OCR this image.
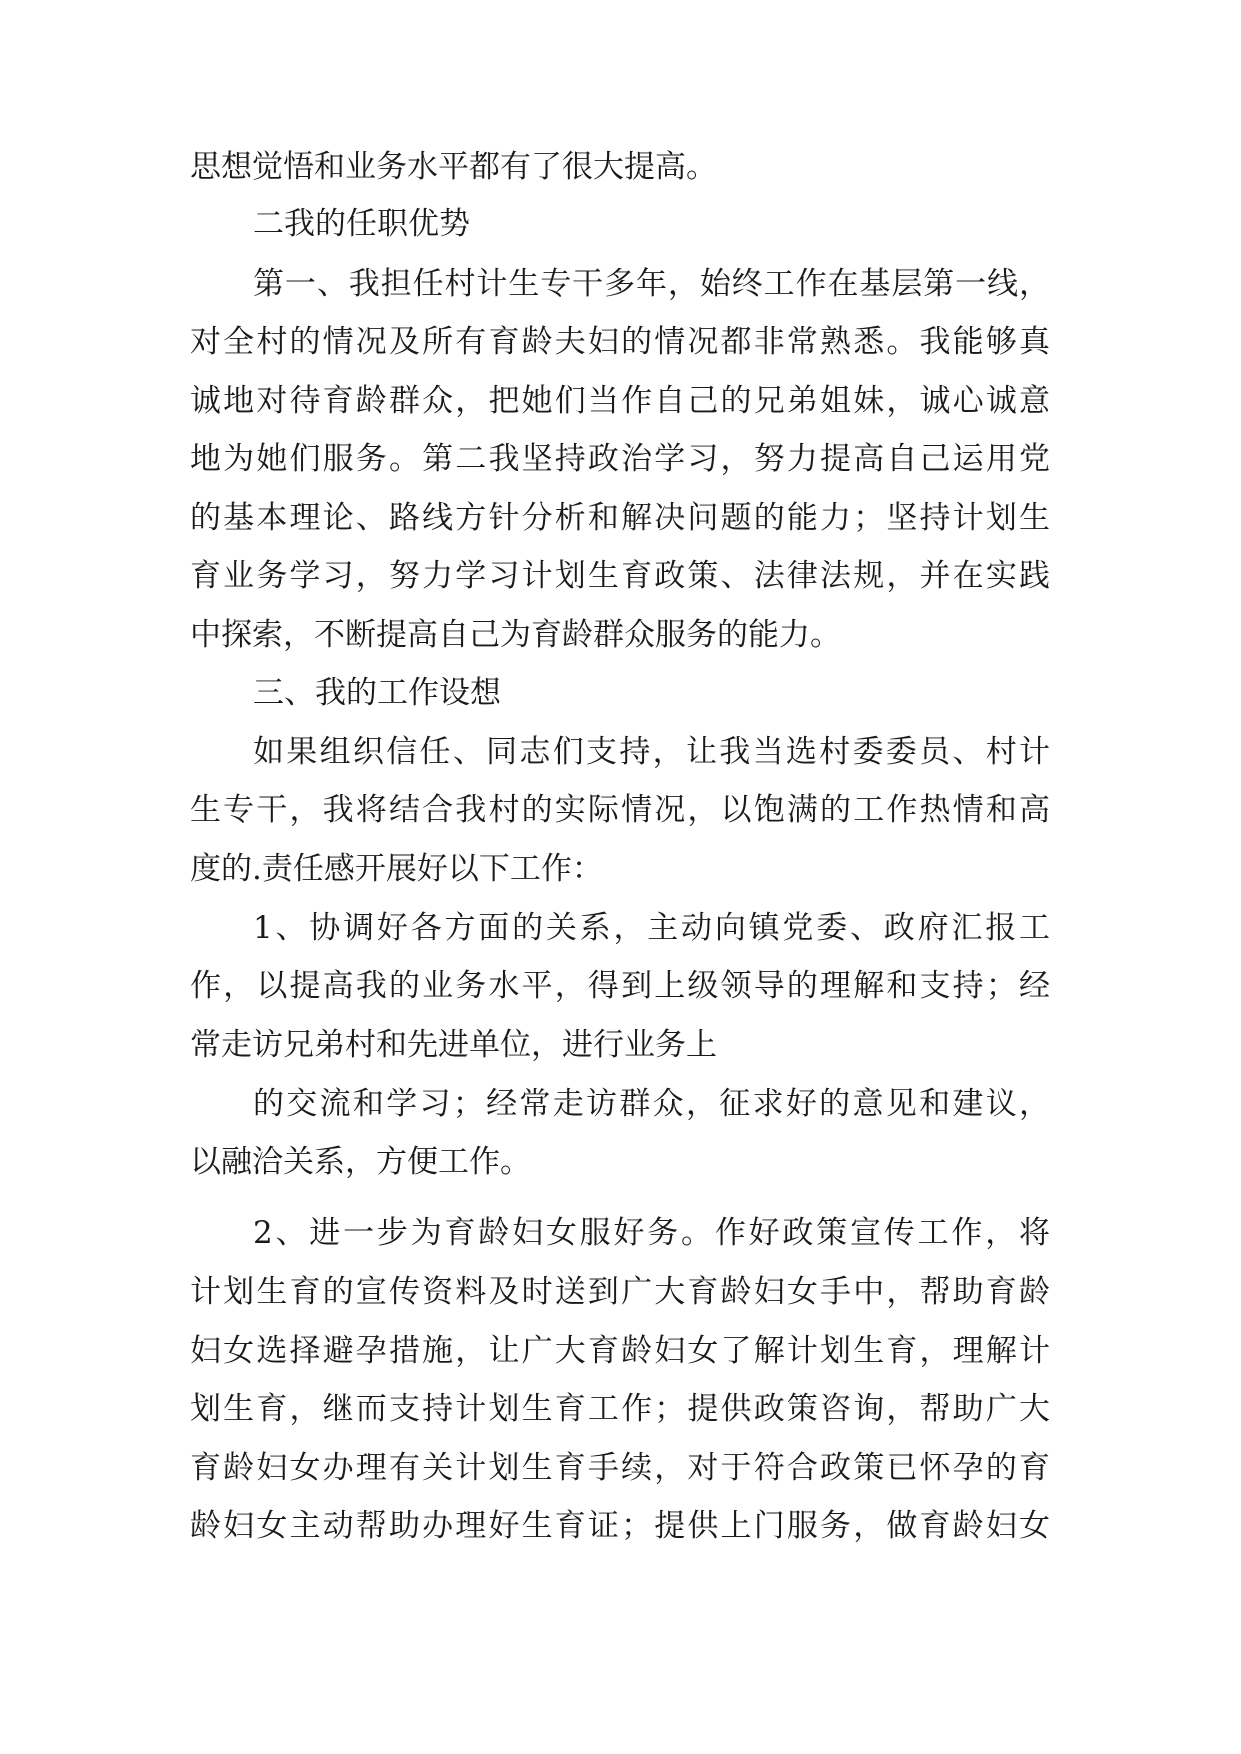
思想觉悟和业务水平都有了很大提高。
二我的任职优势
第一、我担任村计生专干多年，始终工作在基层第一线，
对全村的情况及所有育龄夫妇的情况都非常熟悉。我能够真
诚地对待育龄群众，把她们当作自己的兄弟姐妹，诚心诚意
地为她们服务。第二我坚持政治学习，努力提高自己运用党
的基本理论、路线方针分析和解决问题的能力；坚持计划生
育业务学习，努力学习计划生育政策、法律法规，并在实践
中探索，不断提高自己为育龄群众服务的能力。
三、我的工作设想
如果组织信任、同志们支持，让我当选村委委员、村计
生专干，我将结合我村的实际情况，以饱满的工作热情和高
度的.责任感开展好以下工作：
1、协调好各方面的关系，主动向镇党委、政府汇报工
作，以提高我的业务水平，得到上级领导的理解和支持；经
常走访兄弟村和先进单位，进行业务上
的交流和学习；经常走访群众，征求好的意见和建议，
以融洽关系，方便工作。
2、进一步为育龄妇女服好务。作好政策宣传工作，将
计划生育的宣传资料及时送到广大育龄妇女手中，帮助育龄
妇女选择避孕措施，让广大育龄妇女了解计划生育，理解计
划生育，继而支持计划生育工作；提供政策咨询，帮助广大
育龄妇女办理有关计划生育手续，对于符合政策已怀孕的育
龄妇女主动帮助办理好生育证；提供上门服务，做育龄妇女
